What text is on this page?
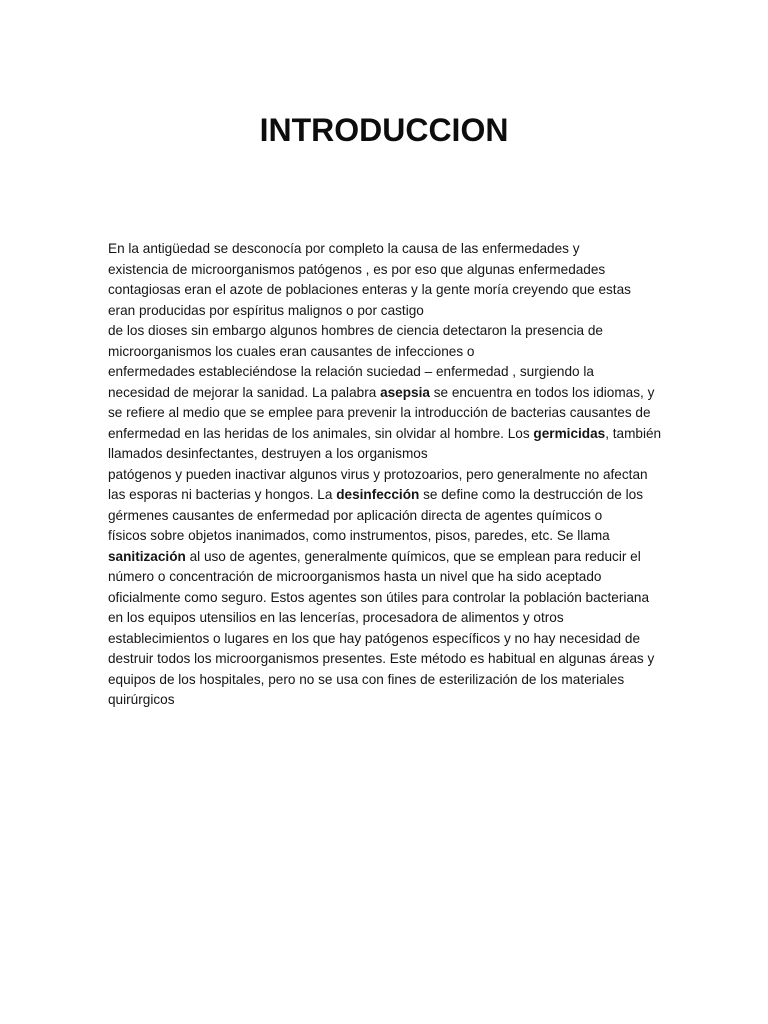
INTRODUCCION
En la antigüedad se desconocía por completo la causa de las enfermedades y
existencia de microorganismos patógenos , es por eso que algunas enfermedades
contagiosas eran el azote de poblaciones enteras y la gente moría creyendo que estas
eran producidas por espíritus malignos o por castigo
de los dioses sin embargo algunos hombres de ciencia detectaron la presencia de
microorganismos los cuales eran causantes de infecciones o
enfermedades estableciéndose la relación suciedad – enfermedad , surgiendo la
necesidad de mejorar la sanidad. La palabra asepsia se encuentra en todos los idiomas, y
se refiere al medio que se emplee para prevenir la introducción de bacterias causantes de
enfermedad en las heridas de los animales, sin olvidar al hombre. Los germicidas, también
llamados desinfectantes, destruyen a los organismos
patógenos y pueden inactivar algunos virus y protozoarios, pero generalmente no afectan
las esporas ni bacterias y hongos. La desinfección se define como la destrucción de los
gérmenes causantes de enfermedad por aplicación directa de agentes químicos o
físicos sobre objetos inanimados, como instrumentos, pisos, paredes, etc. Se llama
sanitización al uso de agentes, generalmente químicos, que se emplean para reducir el
número o concentración de microorganismos hasta un nivel que ha sido aceptado
oficialmente como seguro. Estos agentes son útiles para controlar la población bacteriana
en los equipos utensilios en las lencerías, procesadora de alimentos y otros
establecimientos o lugares en los que hay patógenos específicos y no hay necesidad de
destruir todos los microorganismos presentes. Este método es habitual en algunas áreas y
equipos de los hospitales, pero no se usa con fines de esterilización de los materiales
quirúrgicos
